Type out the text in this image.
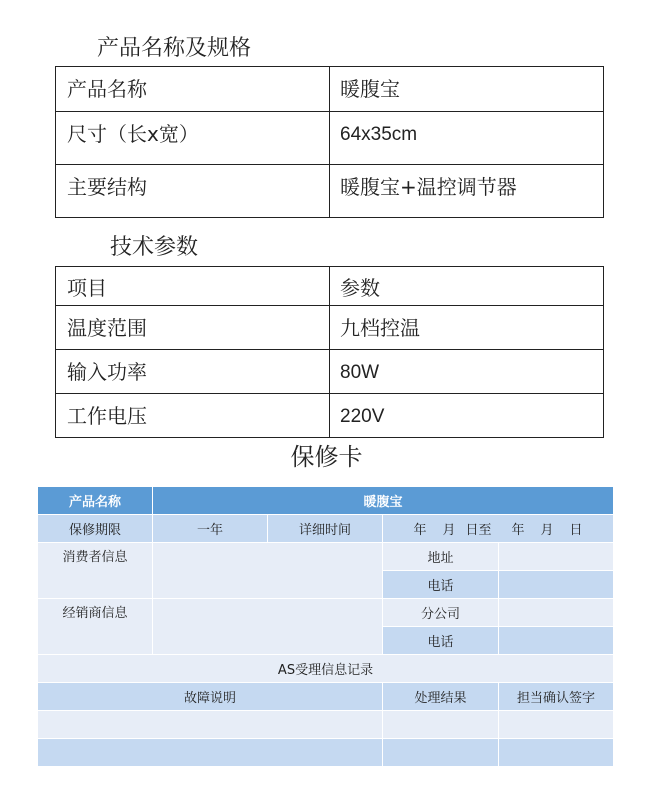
产品名称及规格
产品名称	暖腹宝
尺寸（长x宽）	64x35cm
主要结构	暖腹宝+温控调节器
技术参数
项目	参数
温度范围	九档控温
输入功率	80W
工作电压	220V
保修卡
产品名称	暖腹宝			
保修期限	一年	详细时间	年 月 日至 年 月 日	
消费者信息			地址	
			电话	
经销商信息			分公司	
			电话	
AS受理信息记录				
故障说明			处理结果	担当确认签字
